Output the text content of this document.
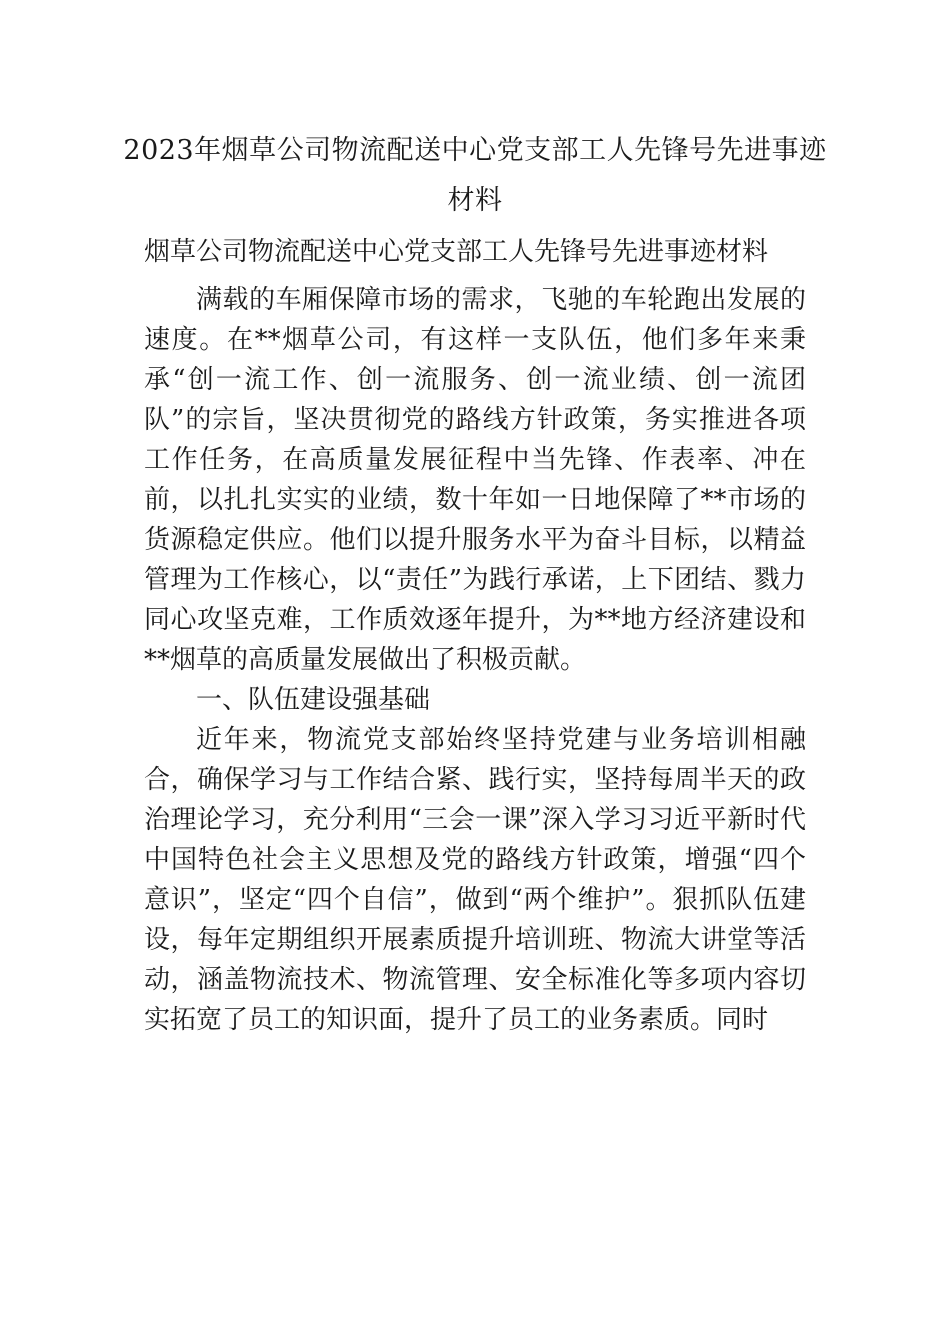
2023年烟草公司物流配送中心党支部工人先锋号先进事迹材料
烟草公司物流配送中心党支部工人先锋号先进事迹材料

满载的车厢保障市场的需求，飞驰的车轮跑出发展的速度。在**烟草公司，有这样一支队伍，他们多年来秉承“创一流工作、创一流服务、创一流业绩、创一流团队”的宗旨，坚决贯彻党的路线方针政策，务实推进各项工作任务，在高质量发展征程中当先锋、作表率、冲在前，以扎扎实实的业绩，数十年如一日地保障了**市场的货源稳定供应。他们以提升服务水平为奋斗目标，以精益管理为工作核心，以“责任”为践行承诺，上下团结、戮力同心攻坚克难，工作质效逐年提升，为**地方经济建设和**烟草的高质量发展做出了积极贡献。

一、队伍建设强基础

近年来，物流党支部始终坚持党建与业务培训相融合，确保学习与工作结合紧、践行实，坚持每周半天的政治理论学习，充分利用“三会一课”深入学习习近平新时代中国特色社会主义思想及党的路线方针政策，增强“四个意识”，坚定“四个自信”，做到“两个维护”。狠抓队伍建设，每年定期组织开展素质提升培训班、物流大讲堂等活动，涵盖物流技术、物流管理、安全标准化等多项内容切实拓宽了员工的知识面，提升了员工的业务素质。同时
